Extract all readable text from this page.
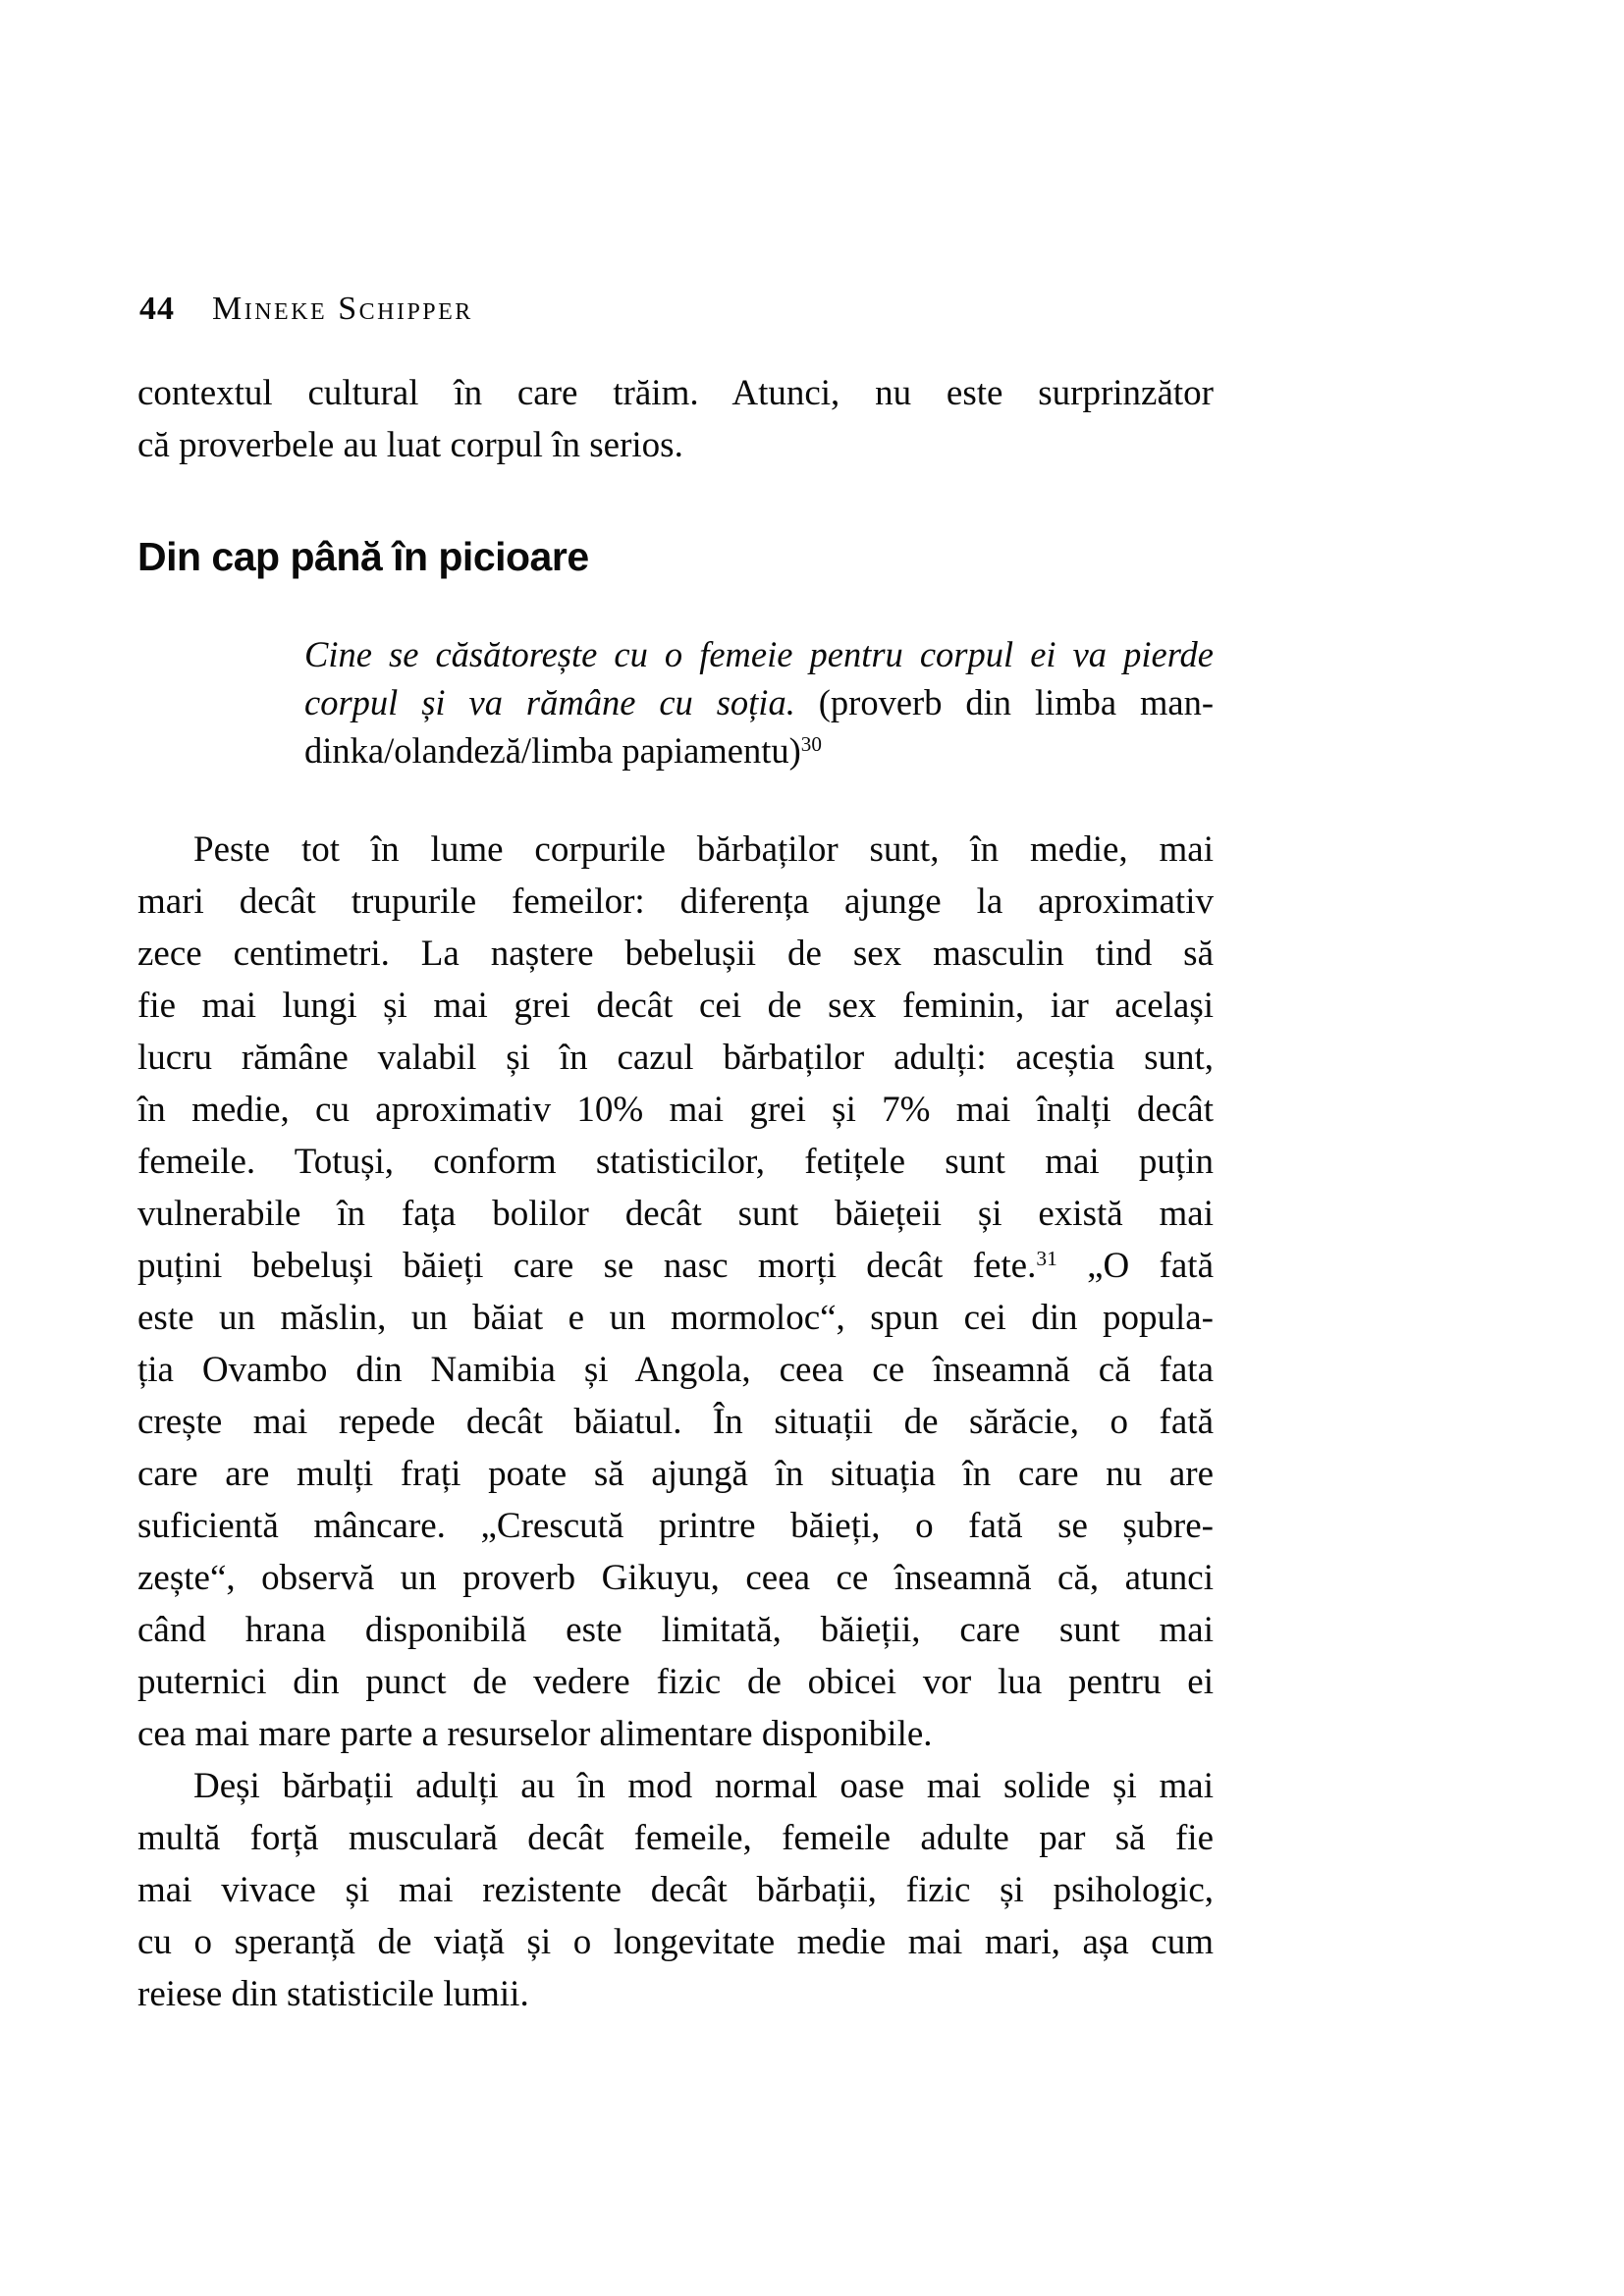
44 Mineke Schipper
contextul cultural în care trăim. Atunci, nu este surprinzător
că proverbele au luat corpul în serios.
Din cap până în picioare
Cine se căsătorește cu o femeie pentru corpul ei va pierde
corpul și va rămâne cu soția. (proverb din limba man-
dinka/olandeză/limba papiamentu)$^{30}$
Peste tot în lume corpurile bărbaților sunt, în medie, mai
mari decât trupurile femeilor: diferența ajunge la aproximativ
zece centimetri. La naștere bebelușii de sex masculin tind să
fie mai lungi și mai grei decât cei de sex feminin, iar același
lucru rămâne valabil și în cazul bărbaților adulți: aceștia sunt,
în medie, cu aproximativ 10% mai grei și 7% mai înalți decât
femeile. Totuși, conform statisticilor, fetițele sunt mai puțin
vulnerabile în fața bolilor decât sunt băiețeii și există mai
puțini bebeluși băieți care se nasc morți decât fete.$^{31}$ „O fată
este un măslin, un băiat e un mormoloc“, spun cei din popula-
ția Ovambo din Namibia și Angola, ceea ce înseamnă că fata
crește mai repede decât băiatul. În situații de sărăcie, o fată
care are mulți frați poate să ajungă în situația în care nu are
suficientă mâncare. „Crescută printre băieți, o fată se șubre-
zește“, observă un proverb Gikuyu, ceea ce înseamnă că, atunci
când hrana disponibilă este limitată, băieții, care sunt mai
puternici din punct de vedere fizic de obicei vor lua pentru ei
cea mai mare parte a resurselor alimentare disponibile.
Deși bărbații adulți au în mod normal oase mai solide și mai
multă forță musculară decât femeile, femeile adulte par să fie
mai vivace și mai rezistente decât bărbații, fizic și psihologic,
cu o speranță de viață și o longevitate medie mai mari, așa cum
reiese din statisticile lumii.
